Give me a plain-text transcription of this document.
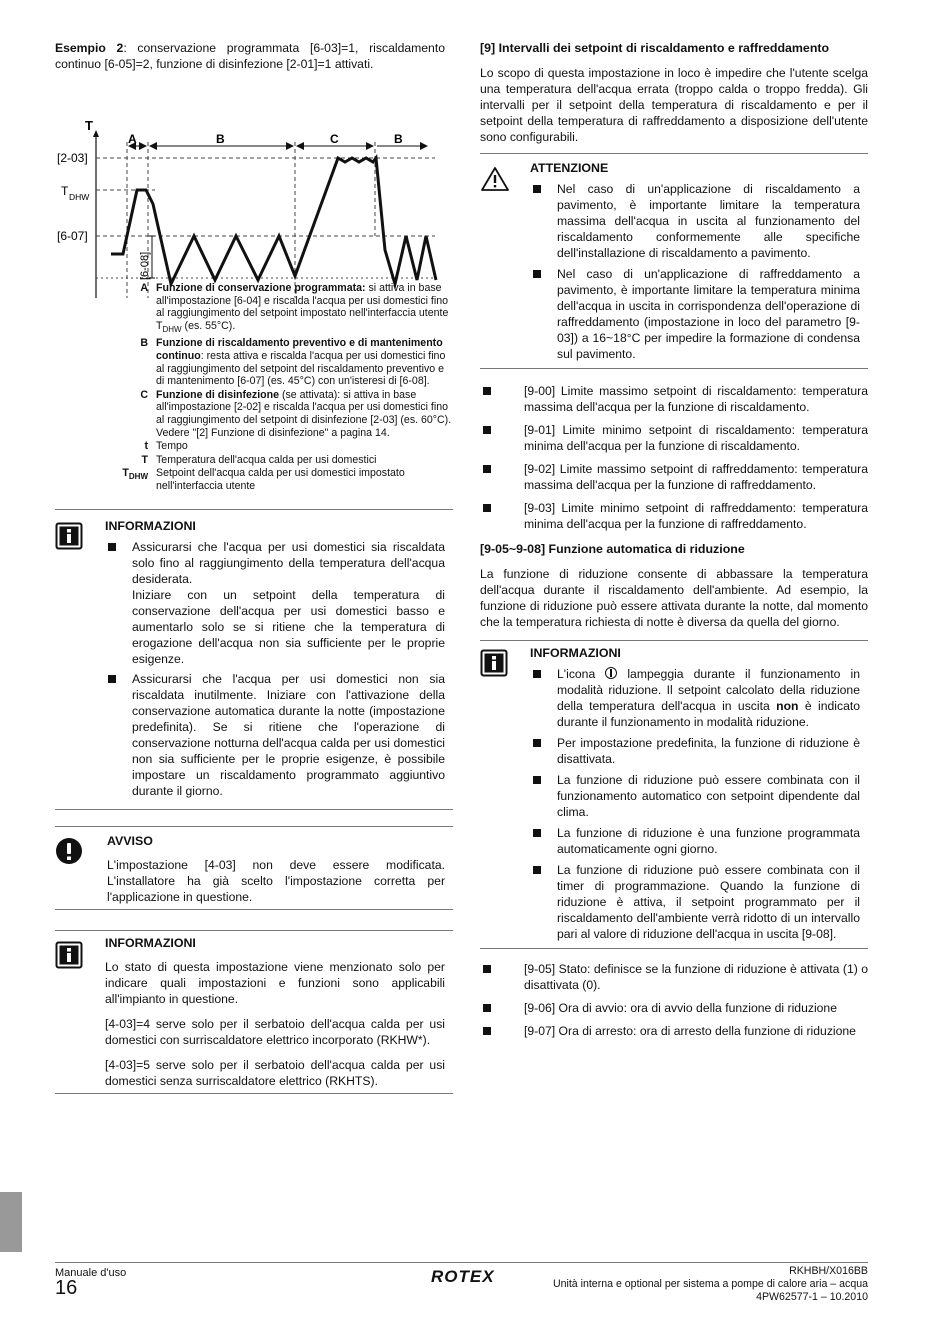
Esempio 2: conservazione programmata [6-03]=1, riscaldamento continuo [6-05]=2, funzione di disinfezione [2-01]=1 attivati.

T
A	B	C	B
[2-03]
T DHW
[6-07]
[6-08]
A Funzione di conservazione programmata: si attiva in base all'impostazione [6-04] e riscalda l'acqua per usi domestici fino al raggiungimento del setpoint impostato nell'interfaccia utente $T_{DHW}$ (es. 55°C).
B Funzione di riscaldamento preventivo e di mantenimento continuo: resta attiva e riscalda l'acqua per usi domestici fino al raggiungimento del setpoint del riscaldamento preventivo e di mantenimento [6-07] (es. 45°C) con un'isteresi di [6-08].
C Funzione di disinfezione (se attivata): si attiva in base all'impostazione [2-02] e riscalda l'acqua per usi domestici fino al raggiungimento del setpoint di disinfezione [2-03] (es. 60°C). Vedere "[2] Funzione di disinfezione" a pagina 14.
t Tempo
T Temperatura dell'acqua calda per usi domestici
$T_{DHW}$ Setpoint dell'acqua calda per usi domestici impostato nell'interfaccia utente
INFORMAZIONI
Assicurarsi che l'acqua per usi domestici sia riscaldata solo fino al raggiungimento della temperatura dell'acqua desiderata.
Iniziare con un setpoint della temperatura di conservazione dell'acqua per usi domestici basso e aumentarlo solo se si ritiene che la temperatura di erogazione dell'acqua non sia sufficiente per le proprie esigenze.
Assicurarsi che l'acqua per usi domestici non sia riscaldata inutilmente. Iniziare con l'attivazione della conservazione automatica durante la notte (impostazione predefinita). Se si ritiene che l'operazione di conservazione notturna dell'acqua calda per usi domestici non sia sufficiente per le proprie esigenze, è possibile impostare un riscaldamento programmato aggiuntivo durante il giorno.
AVVISO

L'impostazione [4-03] non deve essere modificata. L'installatore ha già scelto l'impostazione corretta per l'applicazione in questione.

INFORMAZIONI

Lo stato di questa impostazione viene menzionato solo per indicare quali impostazioni e funzioni sono applicabili all'impianto in questione.

[4-03]=4 serve solo per il serbatoio dell'acqua calda per usi domestici con surriscaldatore elettrico incorporato (RKHW*).

[4-03]=5 serve solo per il serbatoio dell'acqua calda per usi domestici senza surriscaldatore elettrico (RKHTS).

[9] Intervalli dei setpoint di riscaldamento e raffreddamento

Lo scopo di questa impostazione in loco è impedire che l'utente scelga una temperatura dell'acqua errata (troppo calda o troppo fredda). Gli intervalli per il setpoint della temperatura di riscaldamento e per il setpoint della temperatura di raffreddamento a disposizione dell'utente sono configurabili.

ATTENZIONE
Nel caso di un'applicazione di riscaldamento a pavimento, è importante limitare la temperatura massima dell'acqua in uscita al funzionamento del riscaldamento conformemente alle specifiche dell'installazione di riscaldamento a pavimento.
Nel caso di un'applicazione di raffreddamento a pavimento, è importante limitare la temperatura minima dell'acqua in uscita in corrispondenza dell'operazione di raffreddamento (impostazione in loco del parametro [9-03]) a 16~18°C per impedire la formazione di condensa sul pavimento.
[9-00] Limite massimo setpoint di riscaldamento: temperatura massima dell'acqua per la funzione di riscaldamento.
[9-01] Limite minimo setpoint di riscaldamento: temperatura minima dell'acqua per la funzione di riscaldamento.
[9-02] Limite massimo setpoint di raffreddamento: temperatura massima dell'acqua per la funzione di raffreddamento.
[9-03] Limite minimo setpoint di raffreddamento: temperatura minima dell'acqua per la funzione di raffreddamento.
[9-05~9-08] Funzione automatica di riduzione

La funzione di riduzione consente di abbassare la temperatura dell'acqua durante il riscaldamento dell'ambiente. Ad esempio, la funzione di riduzione può essere attivata durante la notte, dal momento che la temperatura richiesta di notte è diversa da quella del giorno.

INFORMAZIONI
L'icona
lampeggia durante il funzionamento in modalità riduzione. Il setpoint calcolato della riduzione della temperatura dell'acqua in uscita non è indicato durante il funzionamento in modalità riduzione.
Per impostazione predefinita, la funzione di riduzione è disattivata.
La funzione di riduzione può essere combinata con il funzionamento automatico con setpoint dipendente dal clima.
La funzione di riduzione è una funzione programmata automaticamente ogni giorno.
La funzione di riduzione può essere combinata con il timer di programmazione. Quando la funzione di riduzione è attiva, il setpoint programmato per il riscaldamento dell'ambiente verrà ridotto di un intervallo pari al valore di riduzione dell'acqua in uscita [9-08].
[9-05] Stato: definisce se la funzione di riduzione è attivata (1) o disattivata (0).
[9-06] Ora di avvio: ora di avvio della funzione di riduzione
[9-07] Ora di arresto: ora di arresto della funzione di riduzione
Manuale d'uso
16
ROTEX	RKHBH/X016BB
Unità interna e optional per sistema a pompe di calore aria – acqua
4PW62577-1 – 10.2010
